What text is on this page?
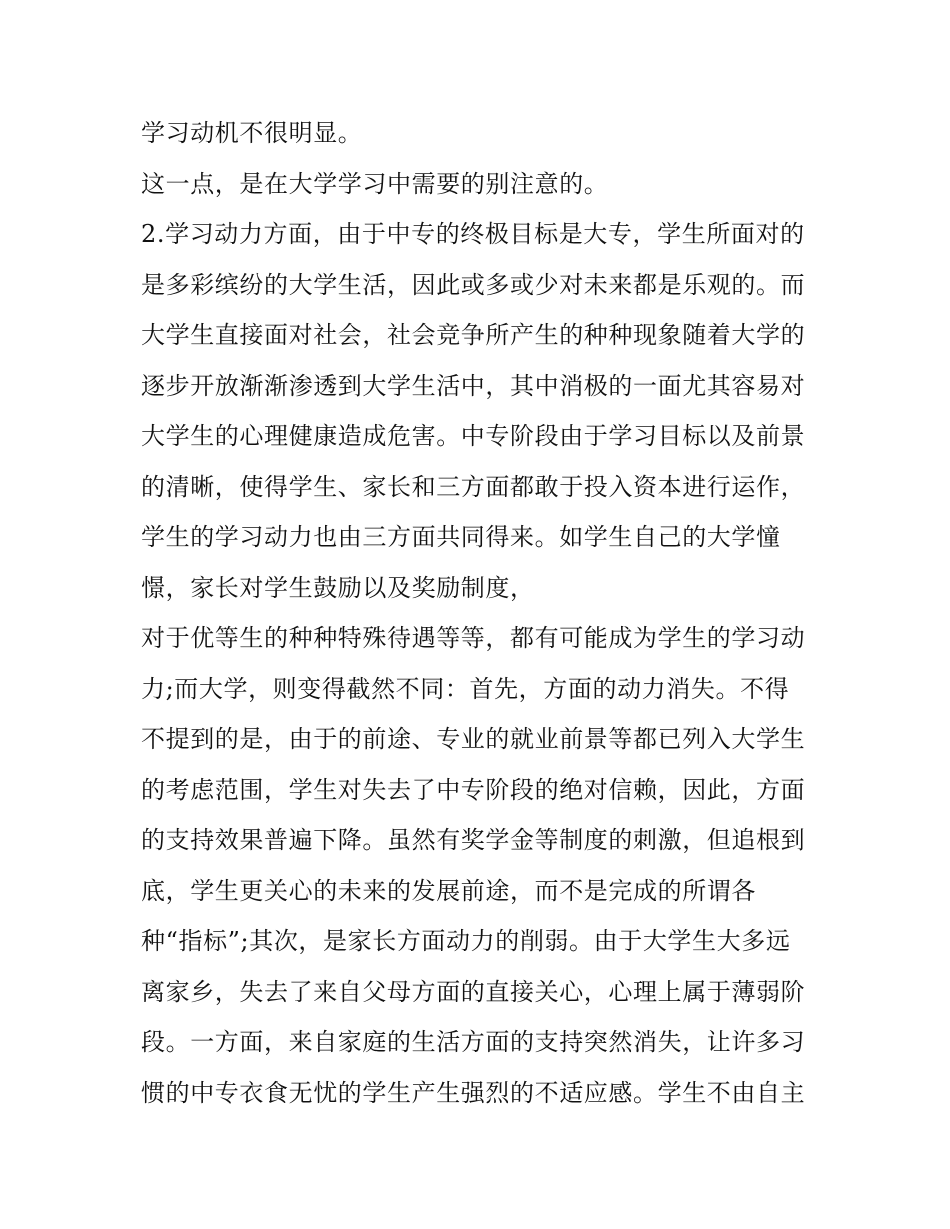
学习动机不很明显。
这一点，是在大学学习中需要的别注意的。
2.学习动力方面，由于中专的终极目标是大专，学生所面对的
是多彩缤纷的大学生活，因此或多或少对未来都是乐观的。而
大学生直接面对社会，社会竞争所产生的种种现象随着大学的
逐步开放渐渐渗透到大学生活中，其中消极的一面尤其容易对
大学生的心理健康造成危害。中专阶段由于学习目标以及前景
的清晰，使得学生、家长和三方面都敢于投入资本进行运作，
学生的学习动力也由三方面共同得来。如学生自己的大学憧
憬，家长对学生鼓励以及奖励制度，
对于优等生的种种特殊待遇等等，都有可能成为学生的学习动
力;而大学，则变得截然不同：首先，方面的动力消失。不得
不提到的是，由于的前途、专业的就业前景等都已列入大学生
的考虑范围，学生对失去了中专阶段的绝对信赖，因此，方面
的支持效果普遍下降。虽然有奖学金等制度的刺激，但追根到
底，学生更关心的未来的发展前途，而不是完成的所谓各
种“指标”;其次，是家长方面动力的削弱。由于大学生大多远
离家乡，失去了来自父母方面的直接关心，心理上属于薄弱阶
段。一方面，来自家庭的生活方面的支持突然消失，让许多习
惯的中专衣食无忧的学生产生强烈的不适应感。学生不由自主
